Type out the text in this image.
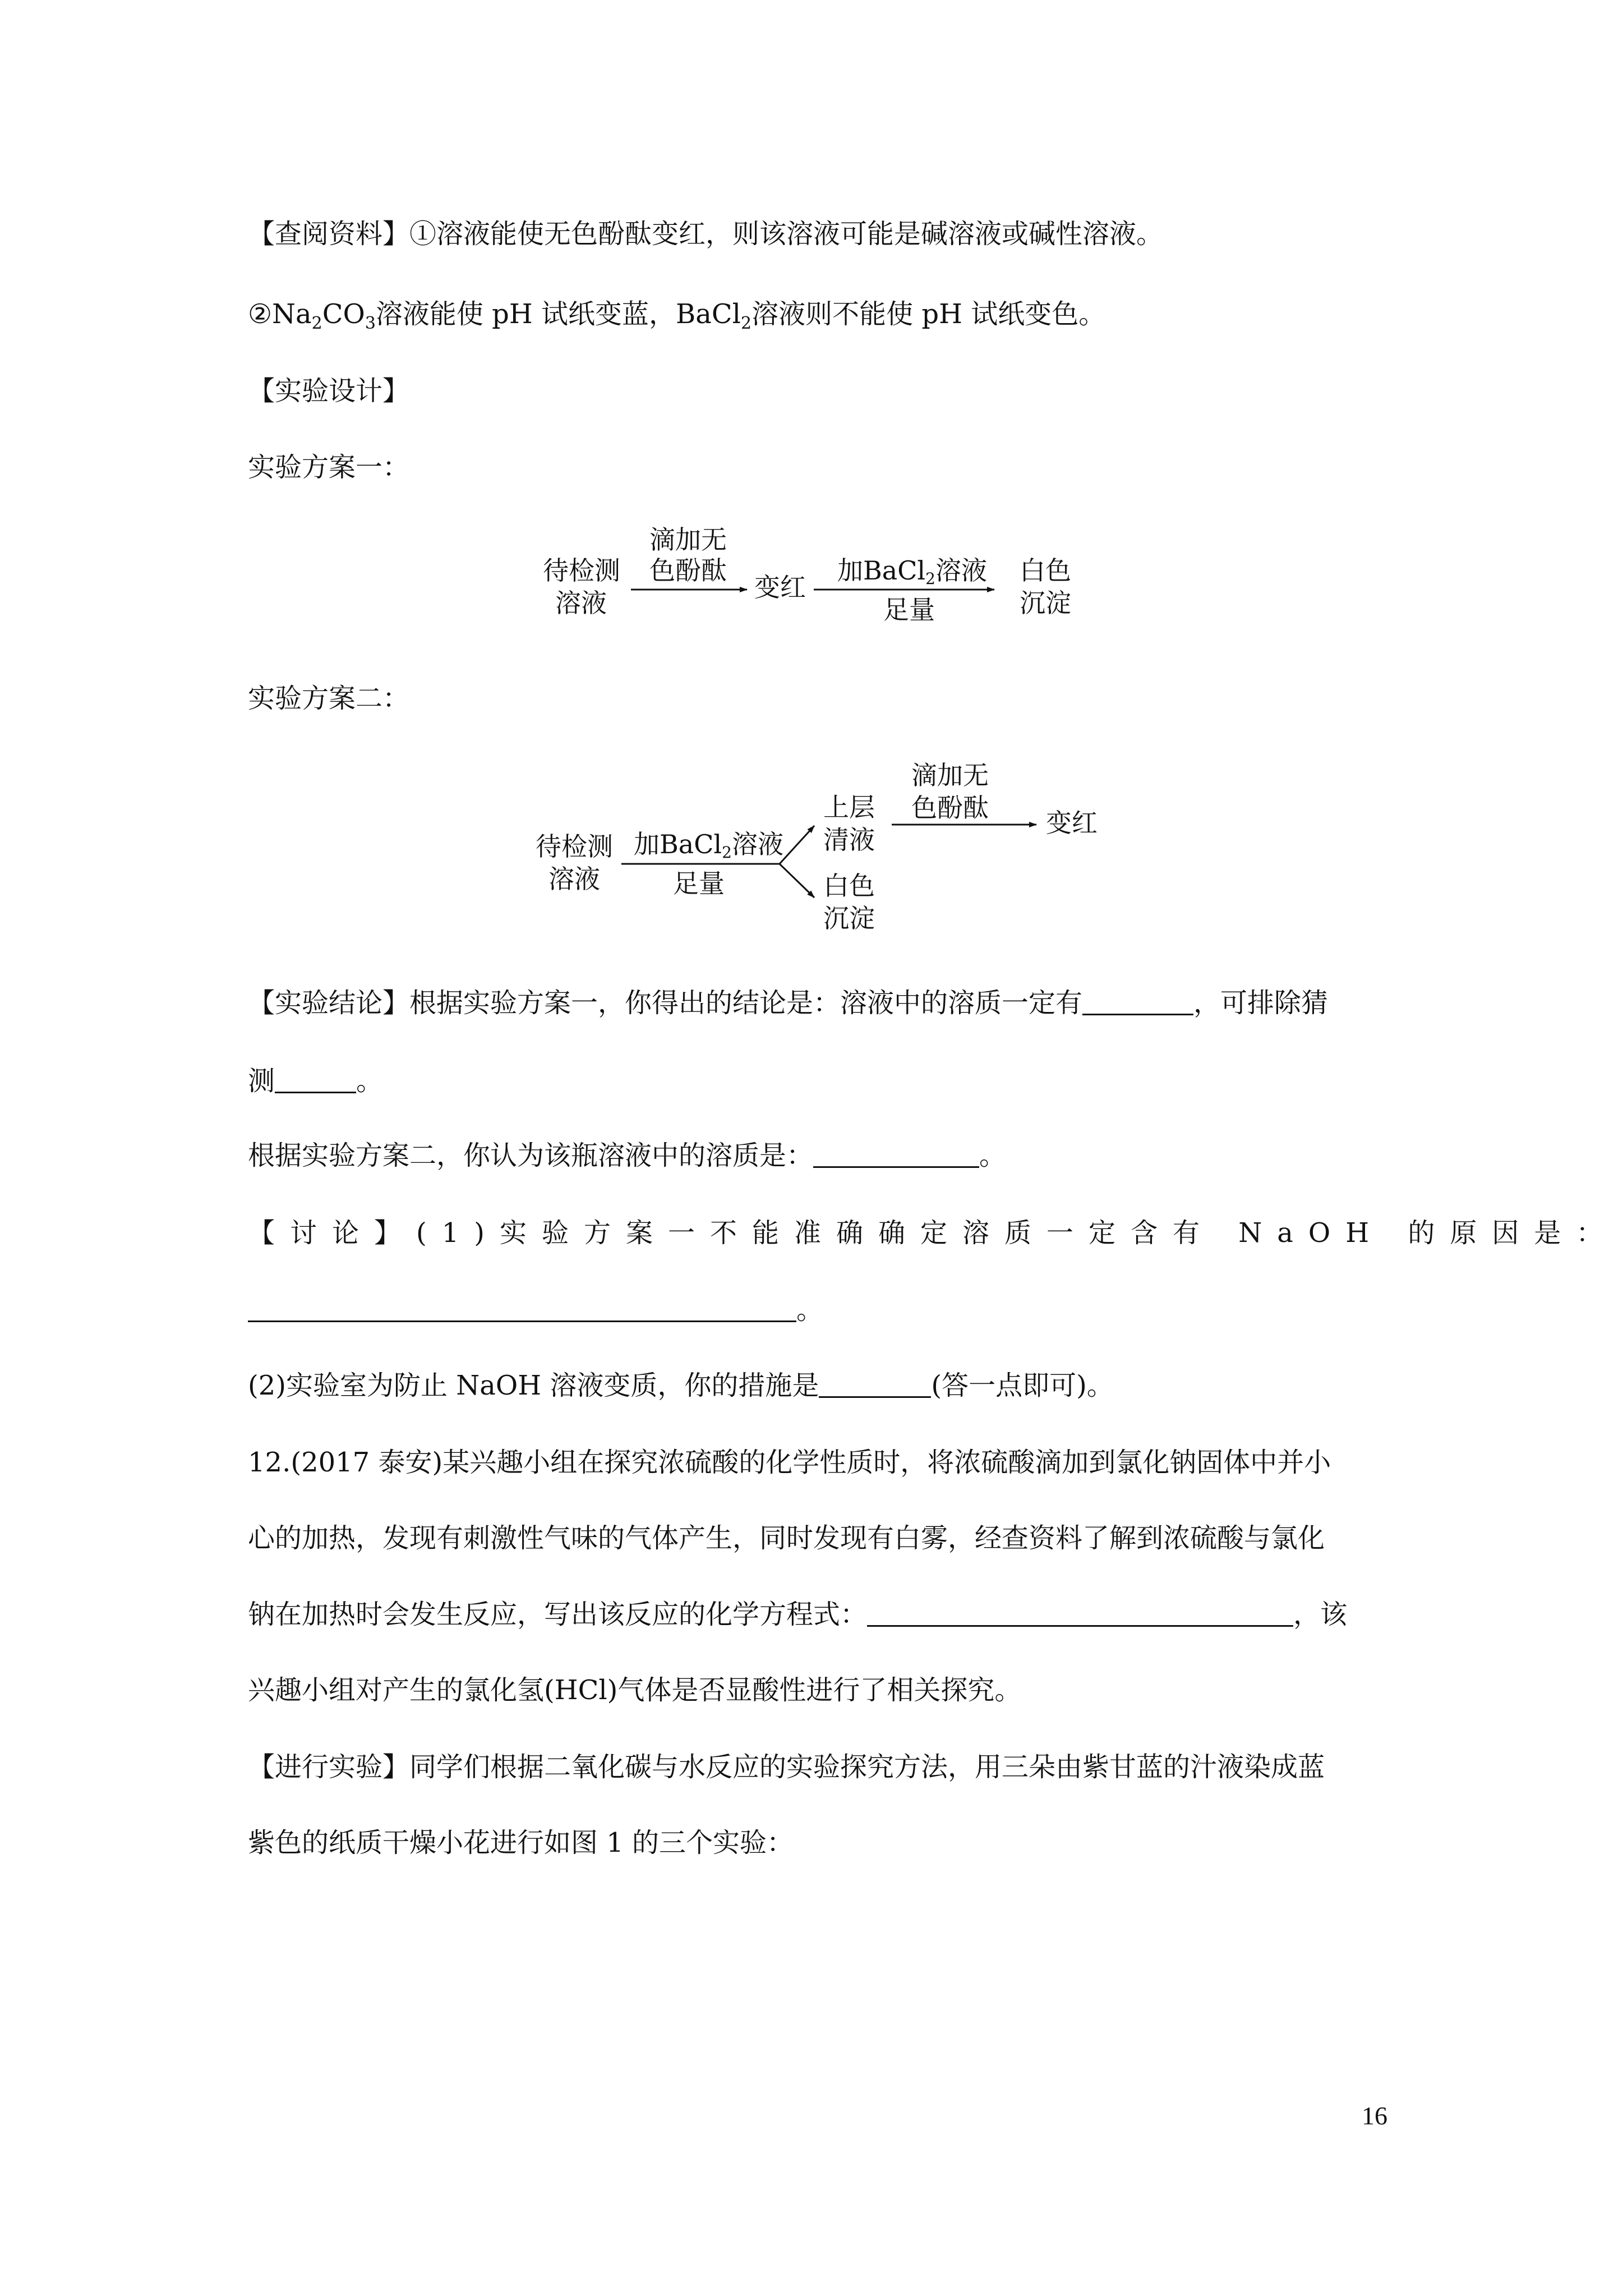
【查阅资料】①溶液能使无色酚酞变红，则该溶液可能是碱溶液或碱性溶液。
$②Na_2CO_3$溶液能使 pH 试纸变蓝，BaCl$_2$溶液则不能使 pH 试纸变色。
【实验设计】
实验方案一：
待检测
溶液
滴加无
色酚酞
变红
加BaCl2溶液
足量
白色
沉淀
实验方案二：
待检测
溶液
加BaCl2溶液
足量
上层
清液
白色
沉淀
滴加无
色酚酞 变红
【实验结论】根据实验方案一，你得出的结论是：溶液中的溶质一定有	，可排除猜
测	。
根据实验方案二，你认为该瓶溶液中的溶质是：	。
【讨论】(1)实验方案一不能准确确定溶质一定含有 NaOH 的原因是：
。
(2)实验室为防止 NaOH 溶液变质，你的措施是	(答一点即可)。
12.(2017 泰安)某兴趣小组在探究浓硫酸的化学性质时，将浓硫酸滴加到氯化钠固体中并小
心的加热，发现有刺激性气味的气体产生，同时发现有白雾，经查资料了解到浓硫酸与氯化
钠在加热时会发生反应，写出该反应的化学方程式：	，该
兴趣小组对产生的氯化氢(HCl)气体是否显酸性进行了相关探究。
【进行实验】同学们根据二氧化碳与水反应的实验探究方法，用三朵由紫甘蓝的汁液染成蓝
紫色的纸质干燥小花进行如图 1 的三个实验：
16
